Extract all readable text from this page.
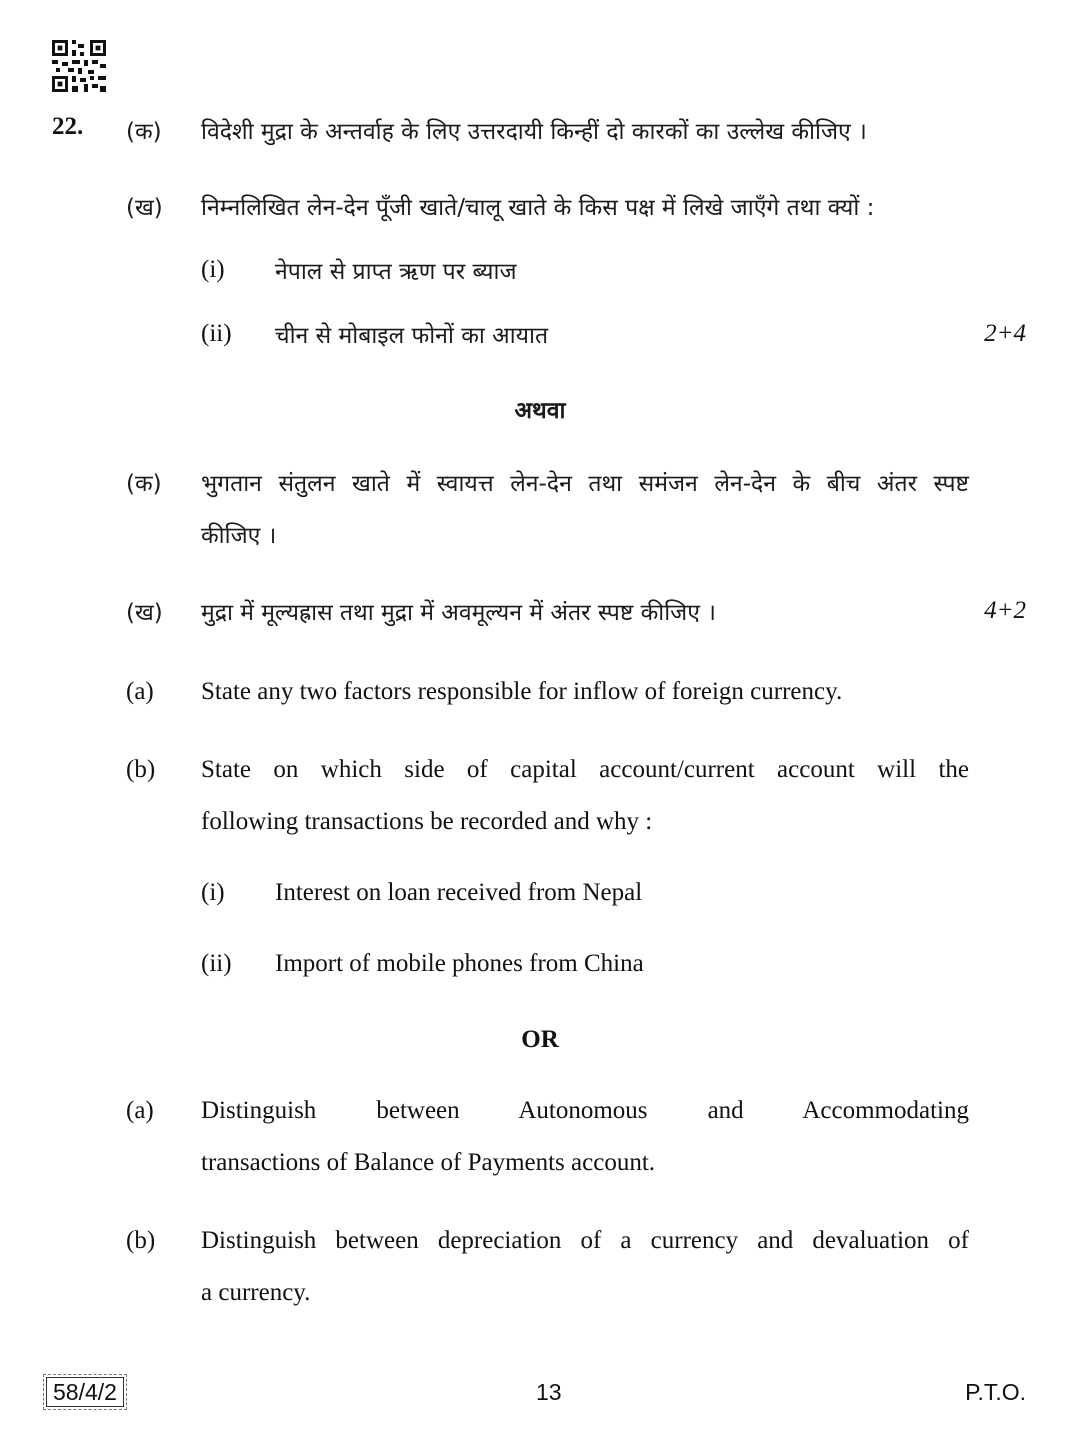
22. (क) विदेशी मुद्रा के अन्तर्वाह के लिए उत्तरदायी किन्हीं दो कारकों का उल्लेख कीजिए ।
(ख) निम्नलिखित लेन-देन पूँजी खाते/चालू खाते के किस पक्ष में लिखे जाएँगे तथा क्यों :
(i) नेपाल से प्राप्त ऋण पर ब्याज
(ii) चीन से मोबाइल फोनों का आयात	2+4
अथवा
(क) भुगतान संतुलन खाते में स्वायत्त लेन-देन तथा समंजन लेन-देन के बीच अंतर स्पष्ट
कीजिए ।
(ख) मुद्रा में मूल्यह्रास तथा मुद्रा में अवमूल्यन में अंतर स्पष्ट कीजिए ।	4+2
(a) State any two factors responsible for inflow of foreign currency.
(b) State on which side of capital account/current account will the
following transactions be recorded and why :
(i) Interest on loan received from Nepal
(ii) Import of mobile phones from China
OR
(a) Distinguish between Autonomous and Accommodating
transactions of Balance of Payments account.
(b) Distinguish between depreciation of a currency and devaluation of
a currency.
58/4/2	13	P.T.O.
